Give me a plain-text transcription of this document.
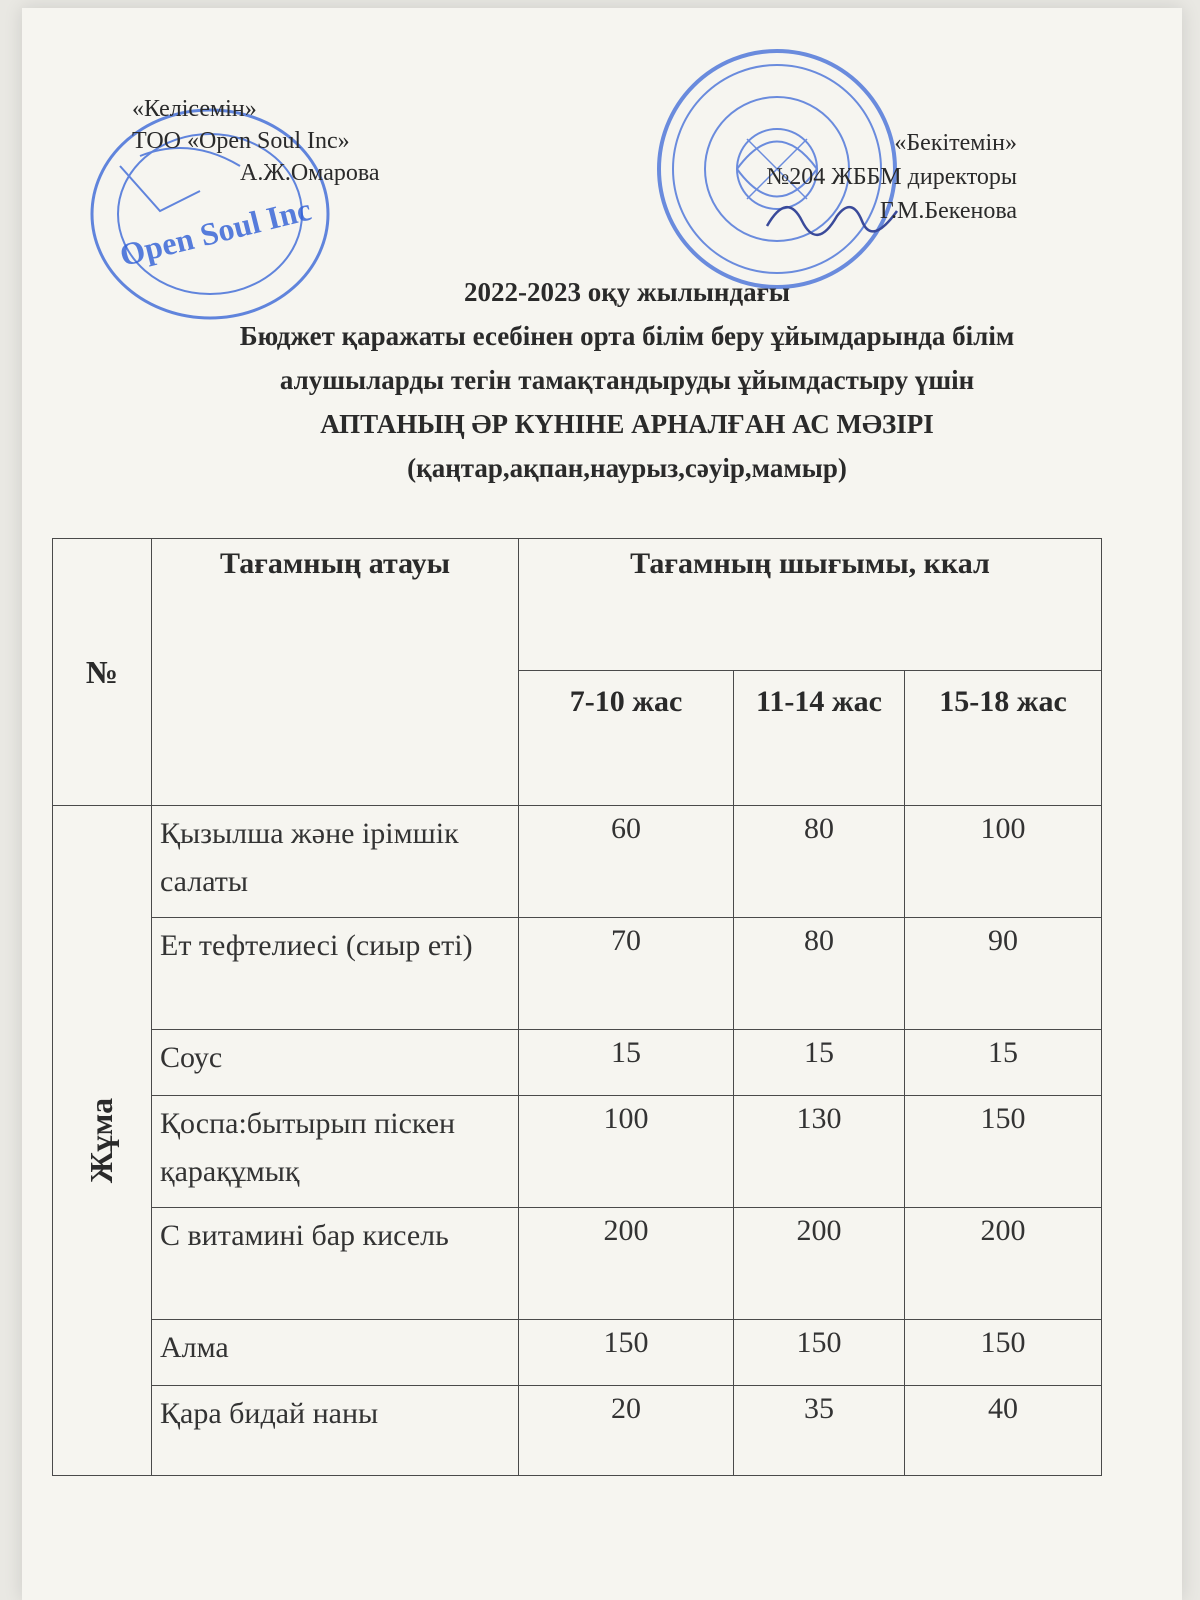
Open Soul Inc
«Келісемін»
ТОО «Open Soul Inc»
А.Ж.Омарова
«Бекітемін»
№204 ЖББМ директоры
Г.М.Бекенова
2022-2023 оқу жылындағы
Бюджет қаражаты есебінен орта білім беру ұйымдарында білім
алушыларды тегін тамақтандыруды ұйымдастыру үшін
АПТАНЫҢ ӘР КҮНІНЕ АРНАЛҒАН АС МӘЗІРІ
(қаңтар,ақпан,наурыз,сәуір,мамыр)
№	Тағамның атауы	Тағамның шығымы, ккал		
		7-10 жас	11-14 жас	15-18 жас
Жұма	Қызылша және ірімшік салаты	60	80	100
	Ет тефтелиесі (сиыр еті)	70	80	90
	Соус	15	15	15
	Қоспа:бытырып піскен қарақұмық	100	130	150
	С витамині бар кисель	200	200	200
	Алма	150	150	150
	Қара бидай наны	20	35	40
